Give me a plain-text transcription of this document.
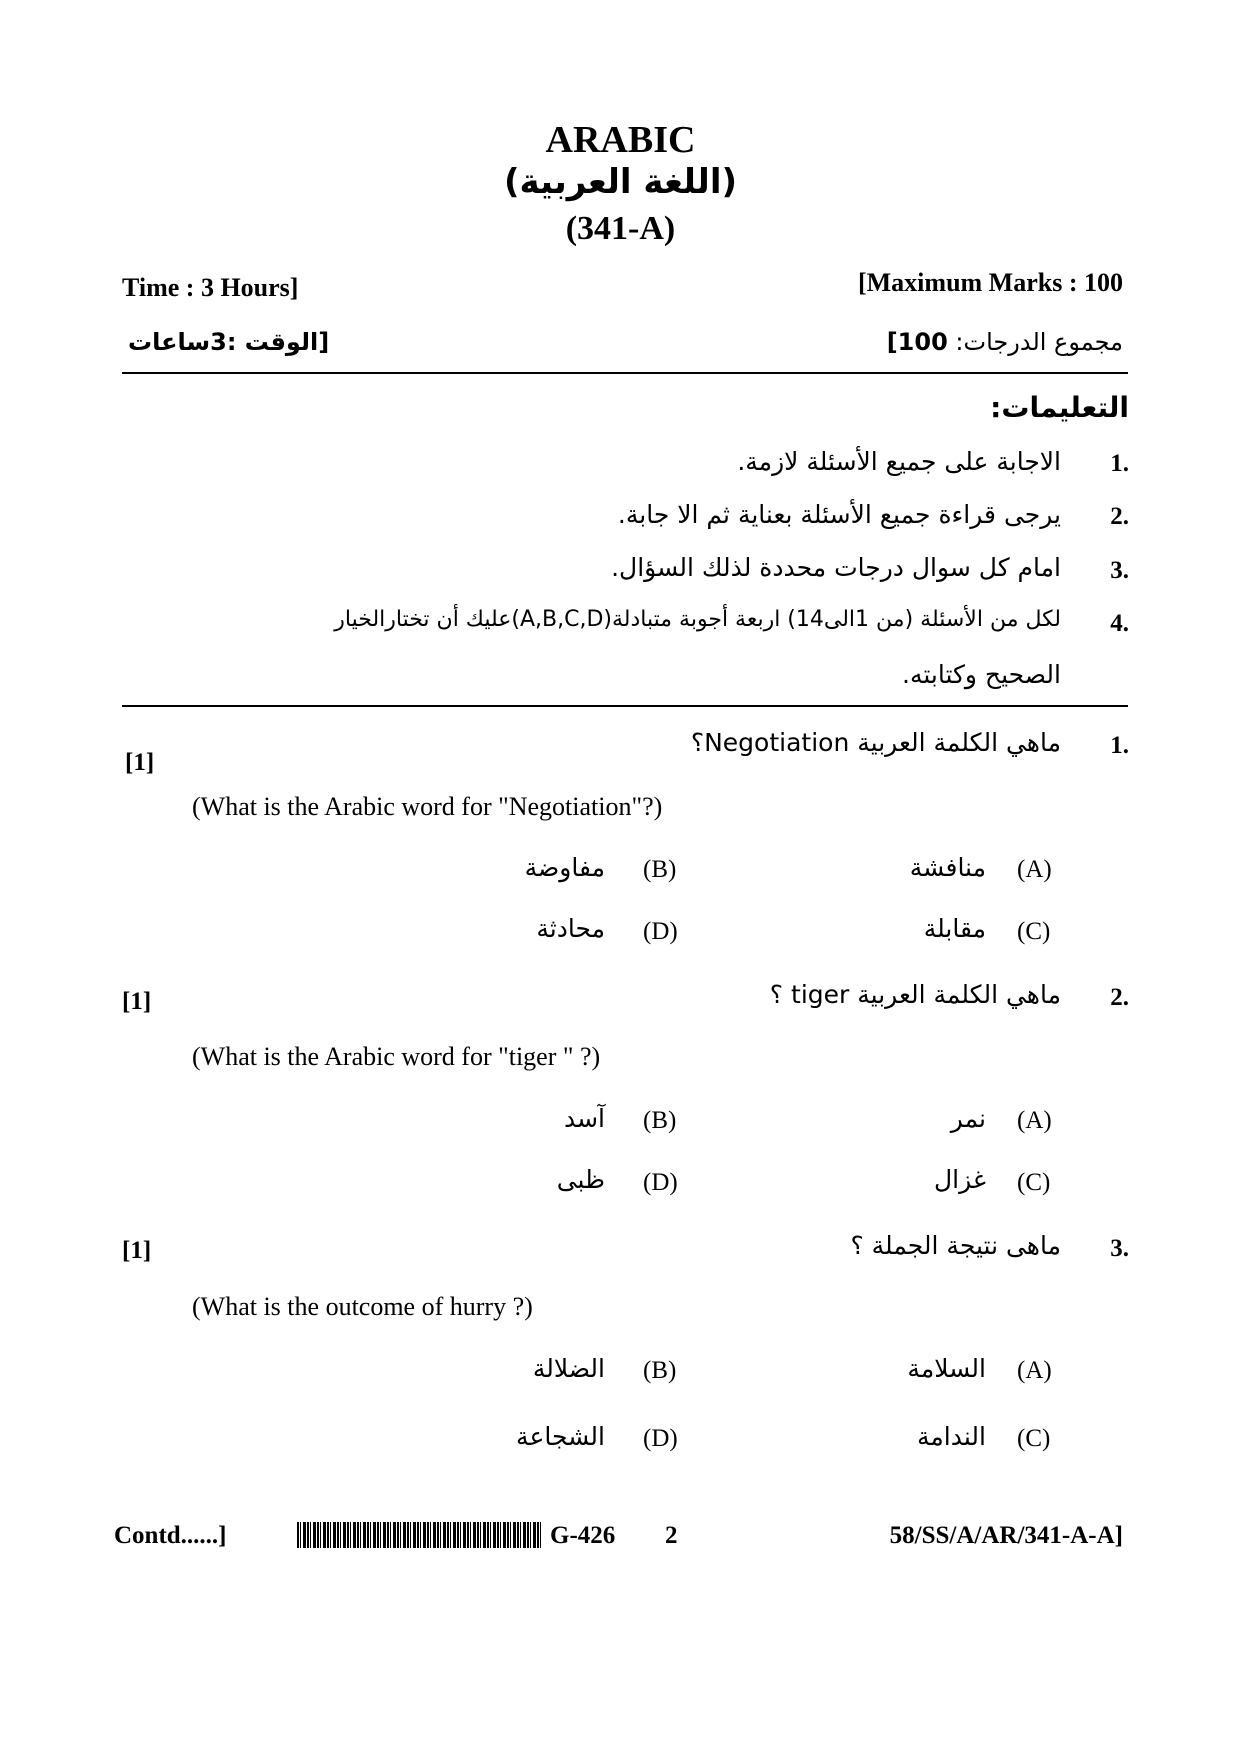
ARABIC
(اللغة العربية)
(341-A)
Time : 3 Hours]	[Maximum Marks : 100
[الوقت :3ساعات	مجموع الدرجات: 100]
التعليمات:
1.
الاجابة على جميع الأسئلة لازمة.
2.
يرجى قراءة جميع الأسئلة بعناية ثم الا جابة.
3.
امام كل سوال درجات محددة لذلك السؤال.
4.
لكل من الأسئلة (من 1الى14) اربعة أجوبة متبادلة(A,B,C,D)عليك أن تختارالخيار
الصحيح وكتابته.
1.
ماهي الكلمة العربية Negotiation؟
[1]
(What is the Arabic word for "Negotiation"?)
(A)
منافشة
(B)
مفاوضة
(C)
مقابلة
(D)
محادثة
2.
ماهي الكلمة العربية tiger ؟
[1]
(What is the Arabic word for "tiger " ?)
(A)
نمر
(B)
آسد
(C)
غزال
(D)
ظبى
3.
ماهى نتيجة الجملة ؟
[1]
(What is the outcome of hurry ?)
(A)
السلامة
(B)
الضلالة
(C)
الندامة
(D)
الشجاعة
Contd......]	G-426 2	58/SS/A/AR/341-A-A]
